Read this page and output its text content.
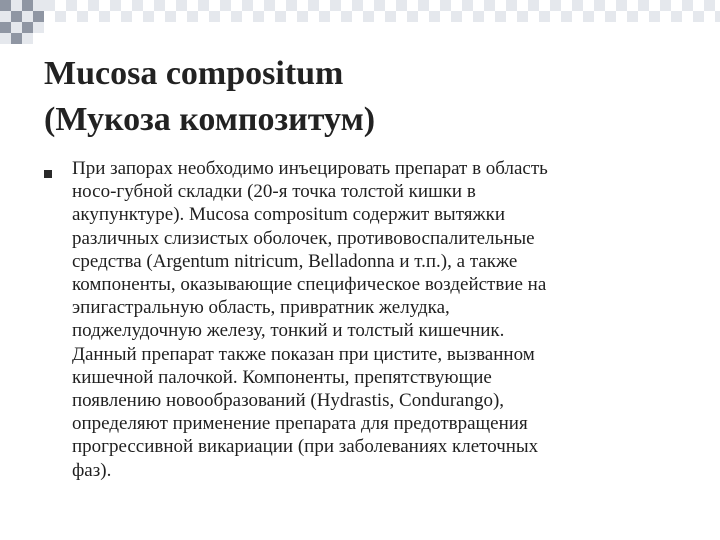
Mucosa compositum
(Мукоза композитум)

При запорах необходимо инъецировать препарат в область
носо-губной складки (20-я точка толстой кишки в
акупунктуре). Mucosa compositum содержит вытяжки
различных слизистых оболочек, противовоспалительные
средства (Argentum nitricum, Belladonna и т.п.), а также
компоненты, оказывающие специфическое воздействие на
эпигастральную область, привратник желудка,
поджелудочную железу, тонкий и толстый кишечник.
Данный препарат также показан при цистите, вызванном
кишечной палочкой. Компоненты, препятствующие
появлению новообразований (Hydrastis, Condurango),
определяют применение препарата для предотвращения
прогрессивной викариации (при заболеваниях клеточных
фаз).
